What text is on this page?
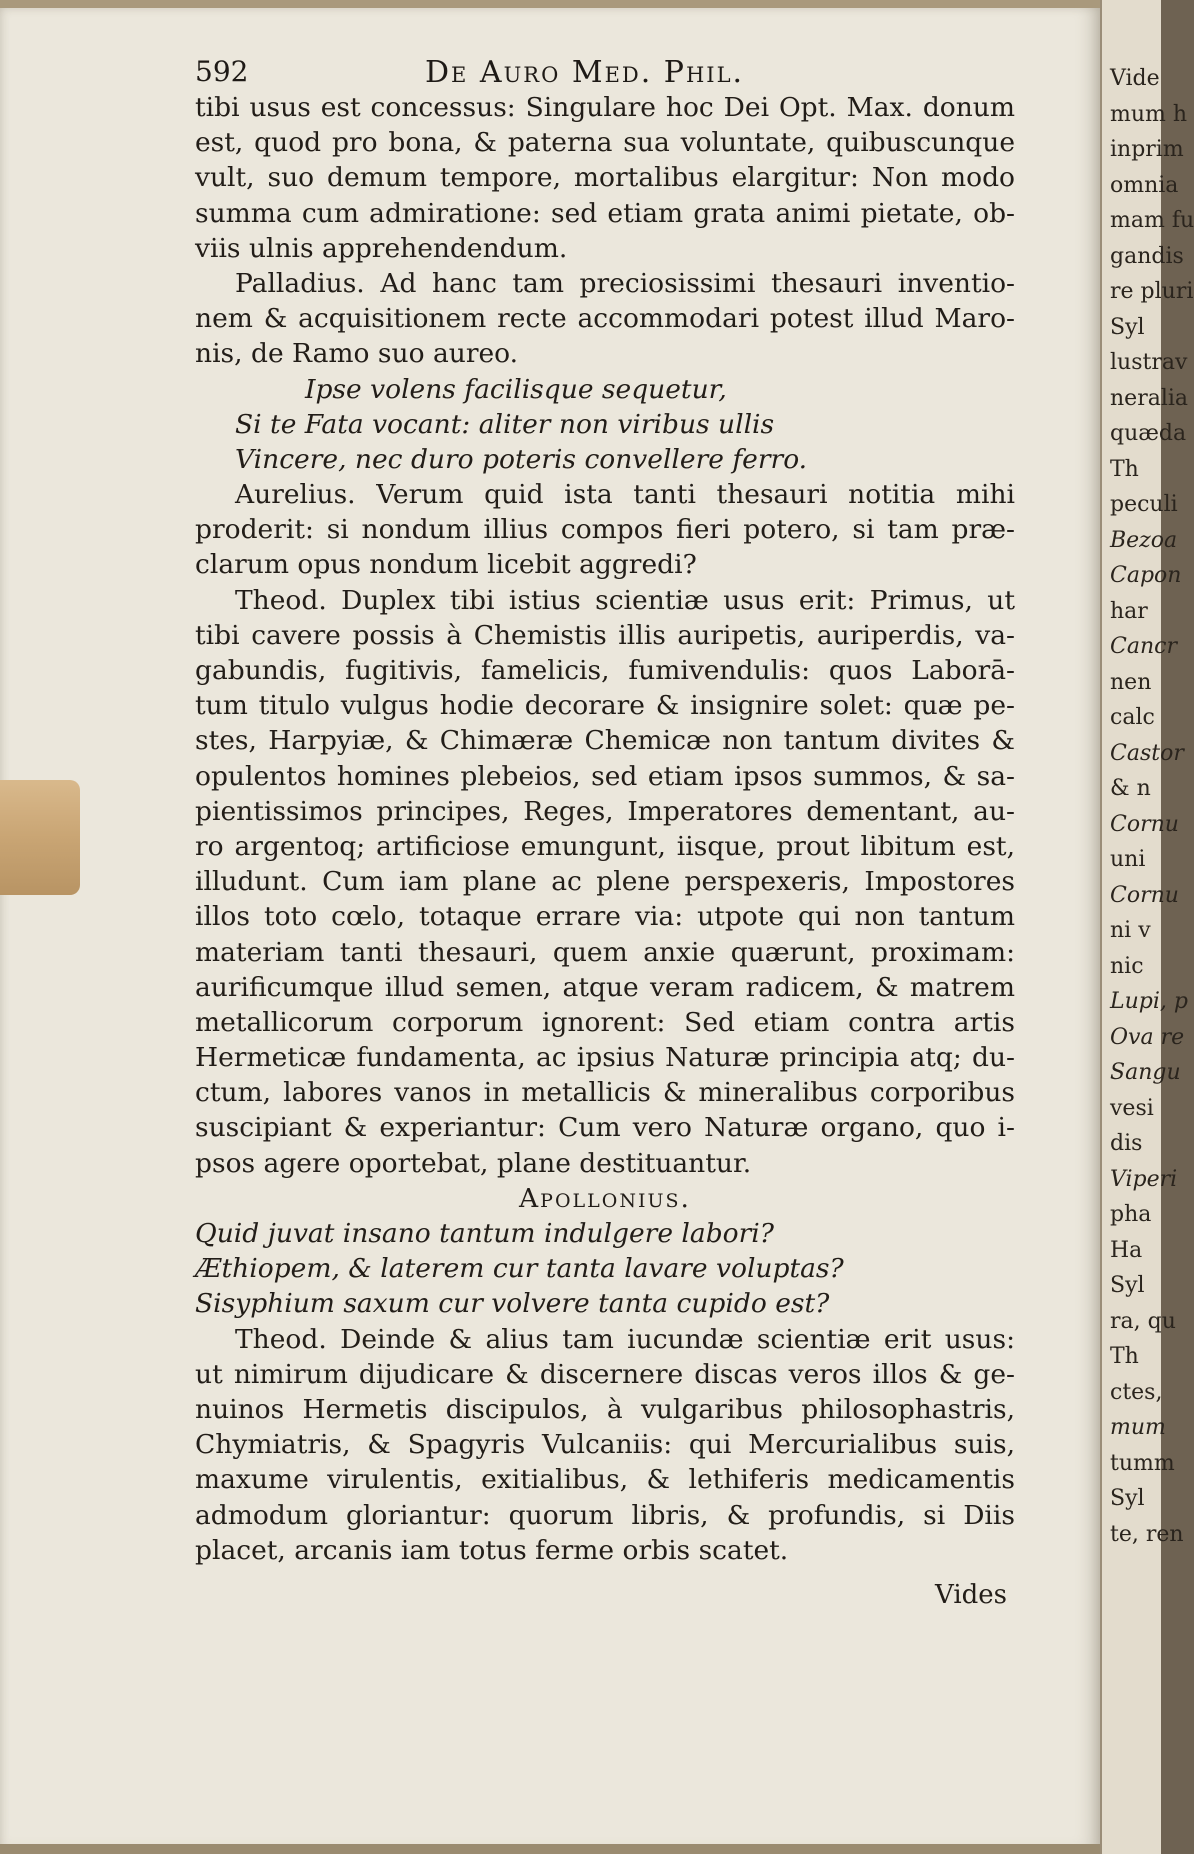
592	De Auro Med. Phil.
tibi usus est concessus: Singulare hoc Dei Opt. Max. donum
est, quod pro bona, & paterna sua voluntate, quibuscunque
vult, suo demum tempore, mortalibus elargitur: Non modo
summa cum admiratione: sed etiam grata animi pietate, ob-
viis ulnis apprehendendum.
Palladius. Ad hanc tam preciosissimi thesauri inventio-
nem & acquisitionem recte accommodari potest illud Maro-
nis, de Ramo suo aureo.
Ipse volens facilisque sequetur,
Si te Fata vocant: aliter non viribus ullis
Vincere, nec duro poteris convellere ferro.
Aurelius. Verum quid ista tanti thesauri notitia mihi
proderit: si nondum illius compos fieri potero, si tam præ-
clarum opus nondum licebit aggredi?
Theod. Duplex tibi istius scientiæ usus erit: Primus, ut
tibi cavere possis à Chemistis illis auripetis, auriperdis, va-
gabundis, fugitivis, famelicis, fumivendulis: quos Laborā-
tum titulo vulgus hodie decorare & insignire solet: quæ pe-
stes, Harpyiæ, & Chimæræ Chemicæ non tantum divites &
opulentos homines plebeios, sed etiam ipsos summos, & sa-
pientissimos principes, Reges, Imperatores dementant, au-
ro argentoq; artificiose emungunt, iisque, prout libitum est,
illudunt. Cum iam plane ac plene perspexeris, Impostores
illos toto cœlo, totaque errare via: utpote qui non tantum
materiam tanti thesauri, quem anxie quærunt, proximam:
aurificumque illud semen, atque veram radicem, & matrem
metallicorum corporum ignorent: Sed etiam contra artis
Hermeticæ fundamenta, ac ipsius Naturæ principia atq; du-
ctum, labores vanos in metallicis & mineralibus corporibus
suscipiant & experiantur: Cum vero Naturæ organo, quo i-
psos agere oportebat, plane destituantur.
Apollonius.
Quid juvat insano tantum indulgere labori?
Æthiopem, & laterem cur tanta lavare voluptas?
Sisyphium saxum cur volvere tanta cupido est?
Theod. Deinde & alius tam iucundæ scientiæ erit usus:
ut nimirum dijudicare & discernere discas veros illos & ge-
nuinos Hermetis discipulos, à vulgaribus philosophastris,
Chymiatris, & Spagyris Vulcaniis: qui Mercurialibus suis,
maxume virulentis, exitialibus, & lethiferis medicamentis
admodum gloriantur: quorum libris, & profundis, si Diis
placet, arcanis iam totus ferme orbis scatet.
Vides
Vide
mum h
inprim
omnia
mam fu
gandis
re pluri
Syl
lustrav
neralia
quæda
Th
peculi
Bezoa
Capon
har
Cancr
nen
calc
Castor
& n
Cornu
uni
Cornu
ni v
nic
Lupi, p
Ova re
Sangu
vesi
dis
Viperi
pha
Ha
Syl
ra, qu
Th
ctes,
mum
tumm
Syl
te, ren
